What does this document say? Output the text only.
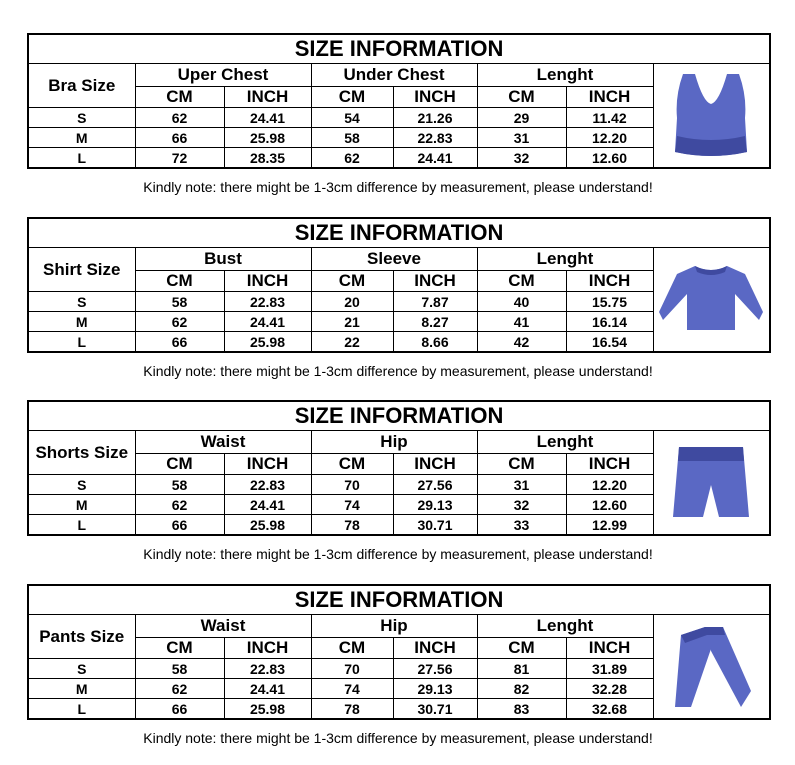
SIZE INFORMATION							
Bra Size	Uper Chest		Under Chest		Lenght	

	CM	INCH	CM	INCH	CM	INCH	
S	62	24.41	54	21.26	29	11.42	
M	66	25.98	58	22.83	31	12.20	
L	72	28.35	62	24.41	32	12.60	
Kindly note: there might be 1-3cm difference by measurement, please understand!
SIZE INFORMATION							
Shirt Size	Bust		Sleeve		Lenght	

	CM	INCH	CM	INCH	CM	INCH	
S	58	22.83	20	7.87	40	15.75	
M	62	24.41	21	8.27	41	16.14	
L	66	25.98	22	8.66	42	16.54	
Kindly note: there might be 1-3cm difference by measurement, please understand!
SIZE INFORMATION							
Shorts Size	Waist		Hip		Lenght	

	CM	INCH	CM	INCH	CM	INCH	
S	58	22.83	70	27.56	31	12.20	
M	62	24.41	74	29.13	32	12.60	
L	66	25.98	78	30.71	33	12.99	
Kindly note: there might be 1-3cm difference by measurement, please understand!
SIZE INFORMATION							
Pants Size	Waist		Hip		Lenght	

	CM	INCH	CM	INCH	CM	INCH	
S	58	22.83	70	27.56	81	31.89	
M	62	24.41	74	29.13	82	32.28	
L	66	25.98	78	30.71	83	32.68	
Kindly note: there might be 1-3cm difference by measurement, please understand!
